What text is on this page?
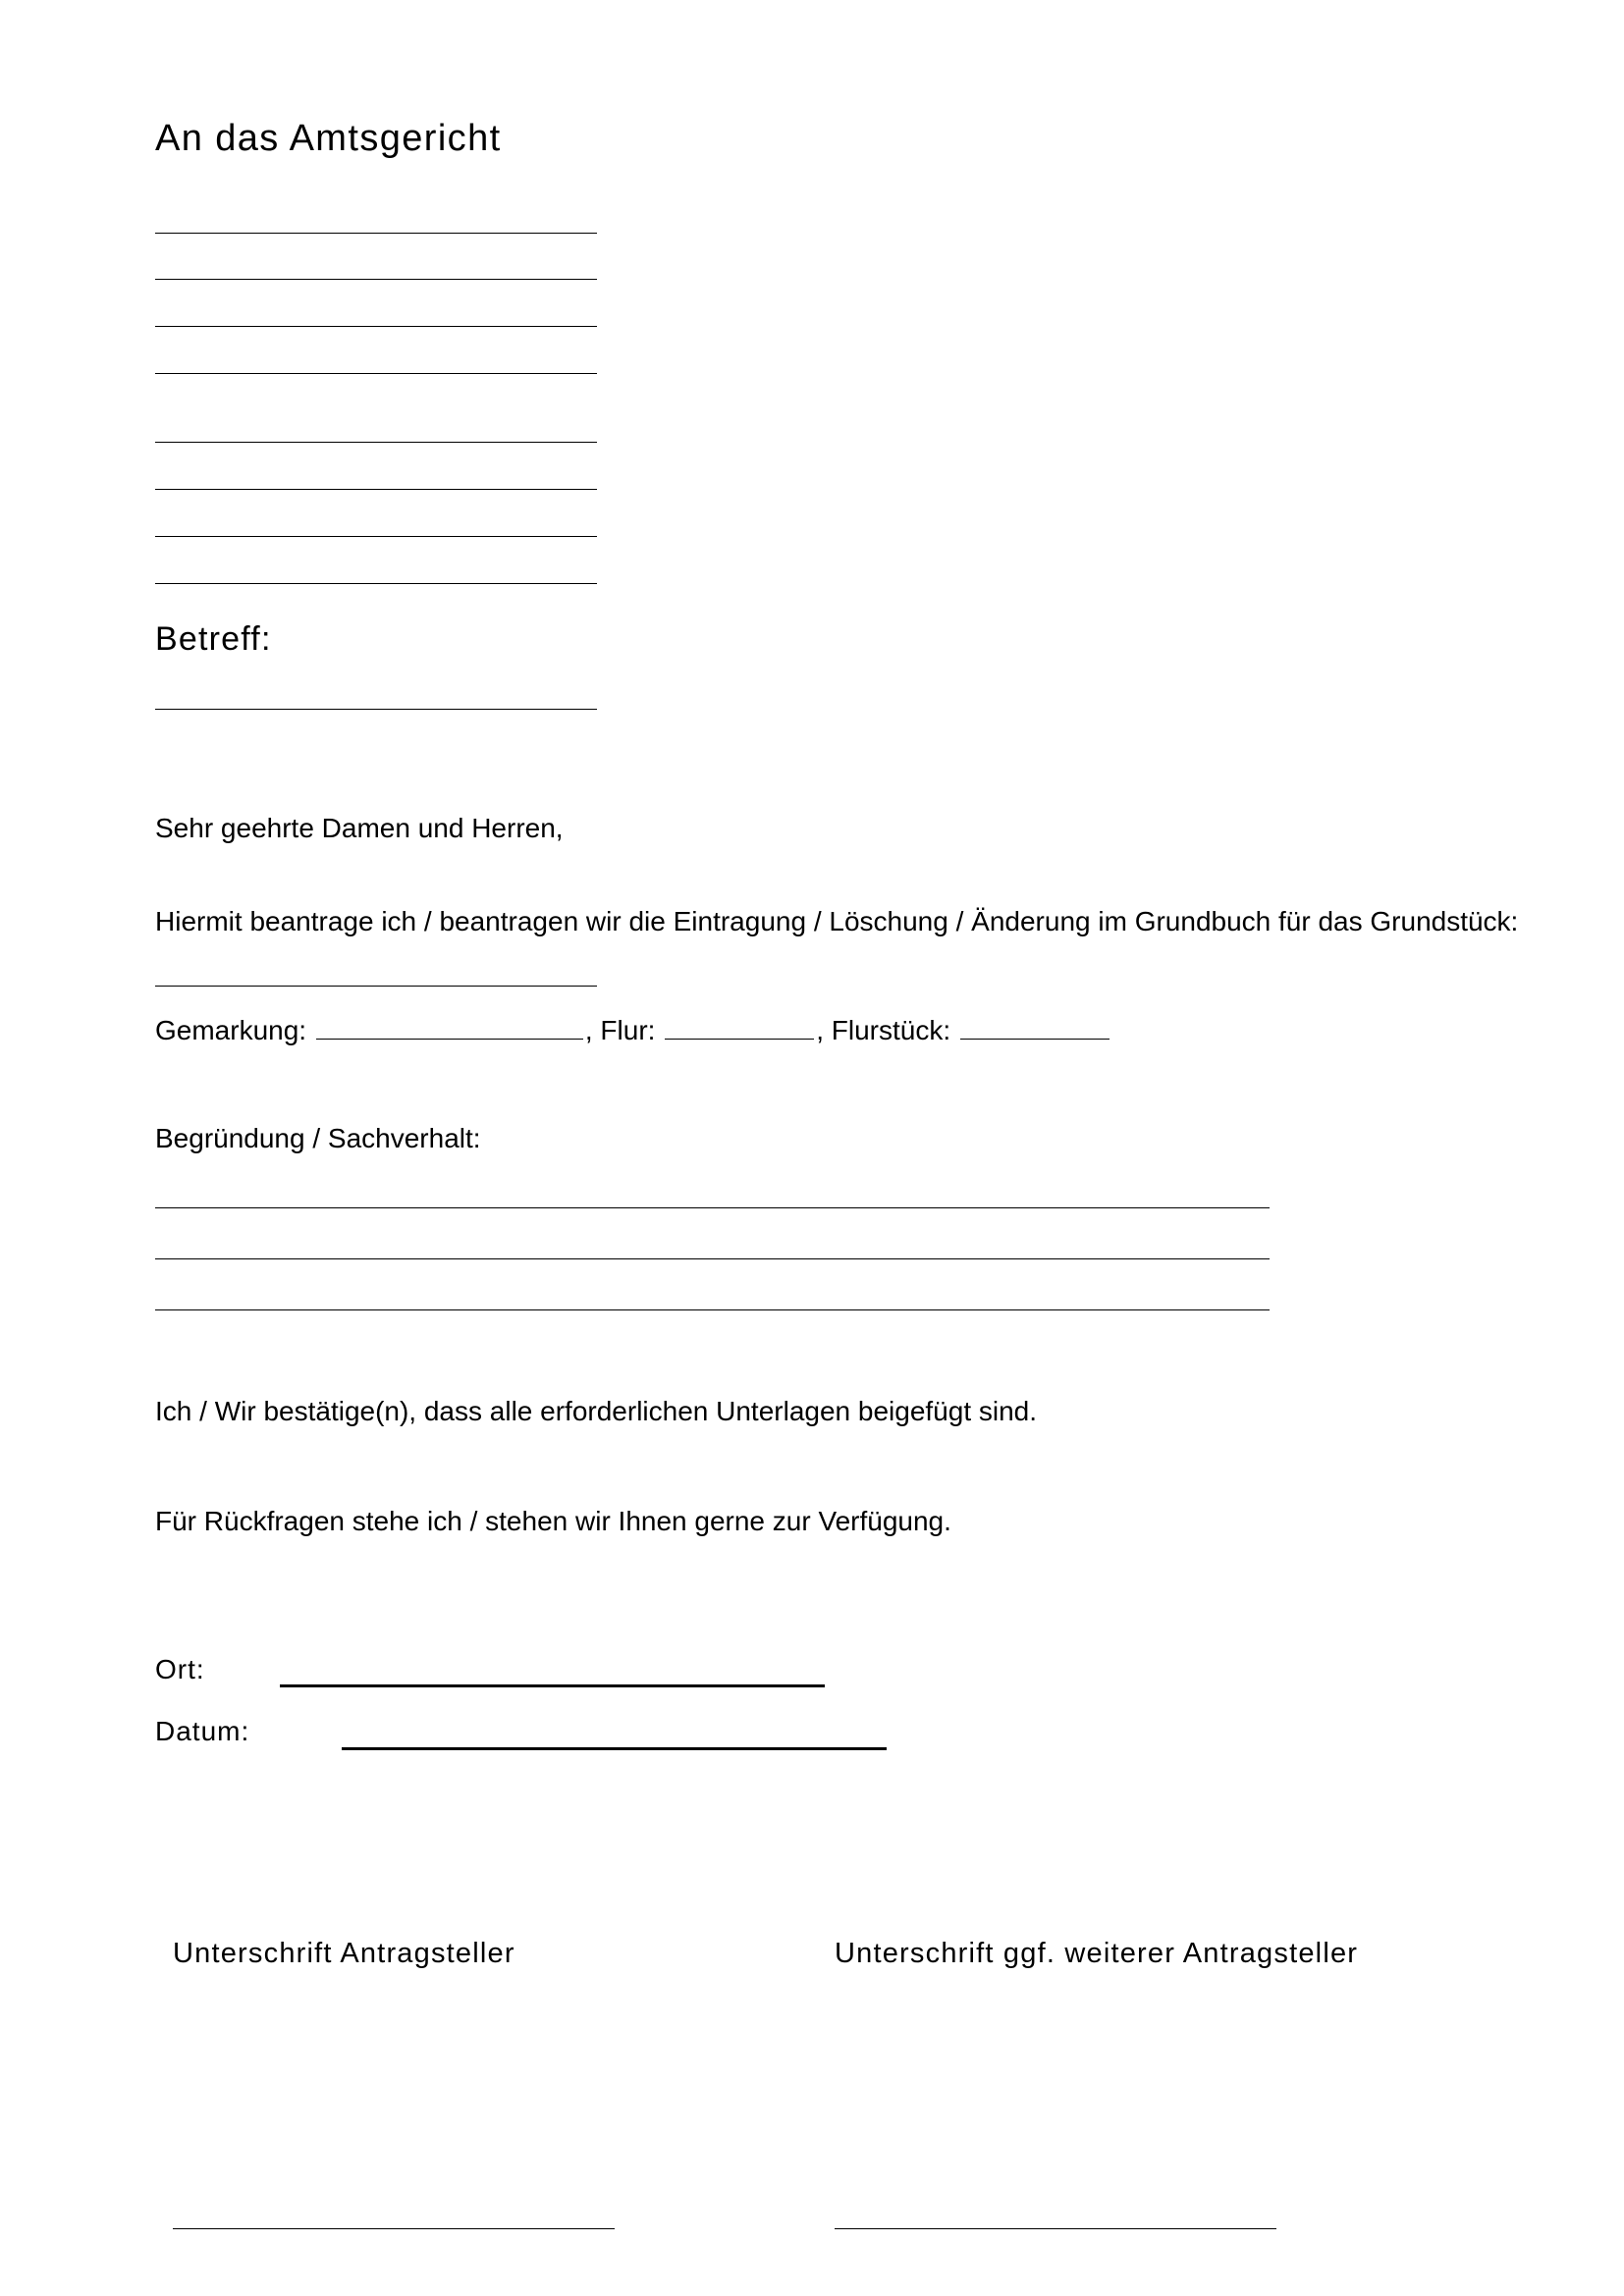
An das Amtsgericht
Betreff:
Sehr geehrte Damen und Herren,
Hiermit beantrage ich / beantragen wir die Eintragung / Löschung / Änderung im Grundbuch für das Grundstück:
Gemarkung:	, Flur:	, Flurstück:
Begründung / Sachverhalt:
Ich / Wir bestätige(n), dass alle erforderlichen Unterlagen beigefügt sind.
Für Rückfragen stehe ich / stehen wir Ihnen gerne zur Verfügung.
Ort:
Datum:
Unterschrift Antragsteller	Unterschrift ggf. weiterer Antragsteller
